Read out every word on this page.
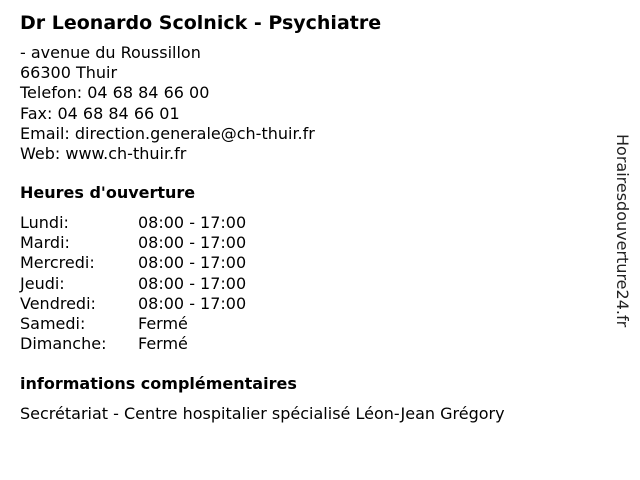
Dr Leonardo Scolnick - Psychiatre
- avenue du Roussillon
66300 Thuir
Telefon: 04 68 84 66 00
Fax: 04 68 84 66 01
Email: direction.generale@ch-thuir.fr
Web: www.ch-thuir.fr
Heures d'ouverture
Lundi:	08:00 - 17:00
Mardi:	08:00 - 17:00
Mercredi:	08:00 - 17:00
Jeudi:	08:00 - 17:00
Vendredi:	08:00 - 17:00
Samedi:	Fermé
Dimanche: Fermé
informations complémentaires
Secrétariat - Centre hospitalier spécialisé Léon-Jean Grégory
Horairesdouverture24.fr
